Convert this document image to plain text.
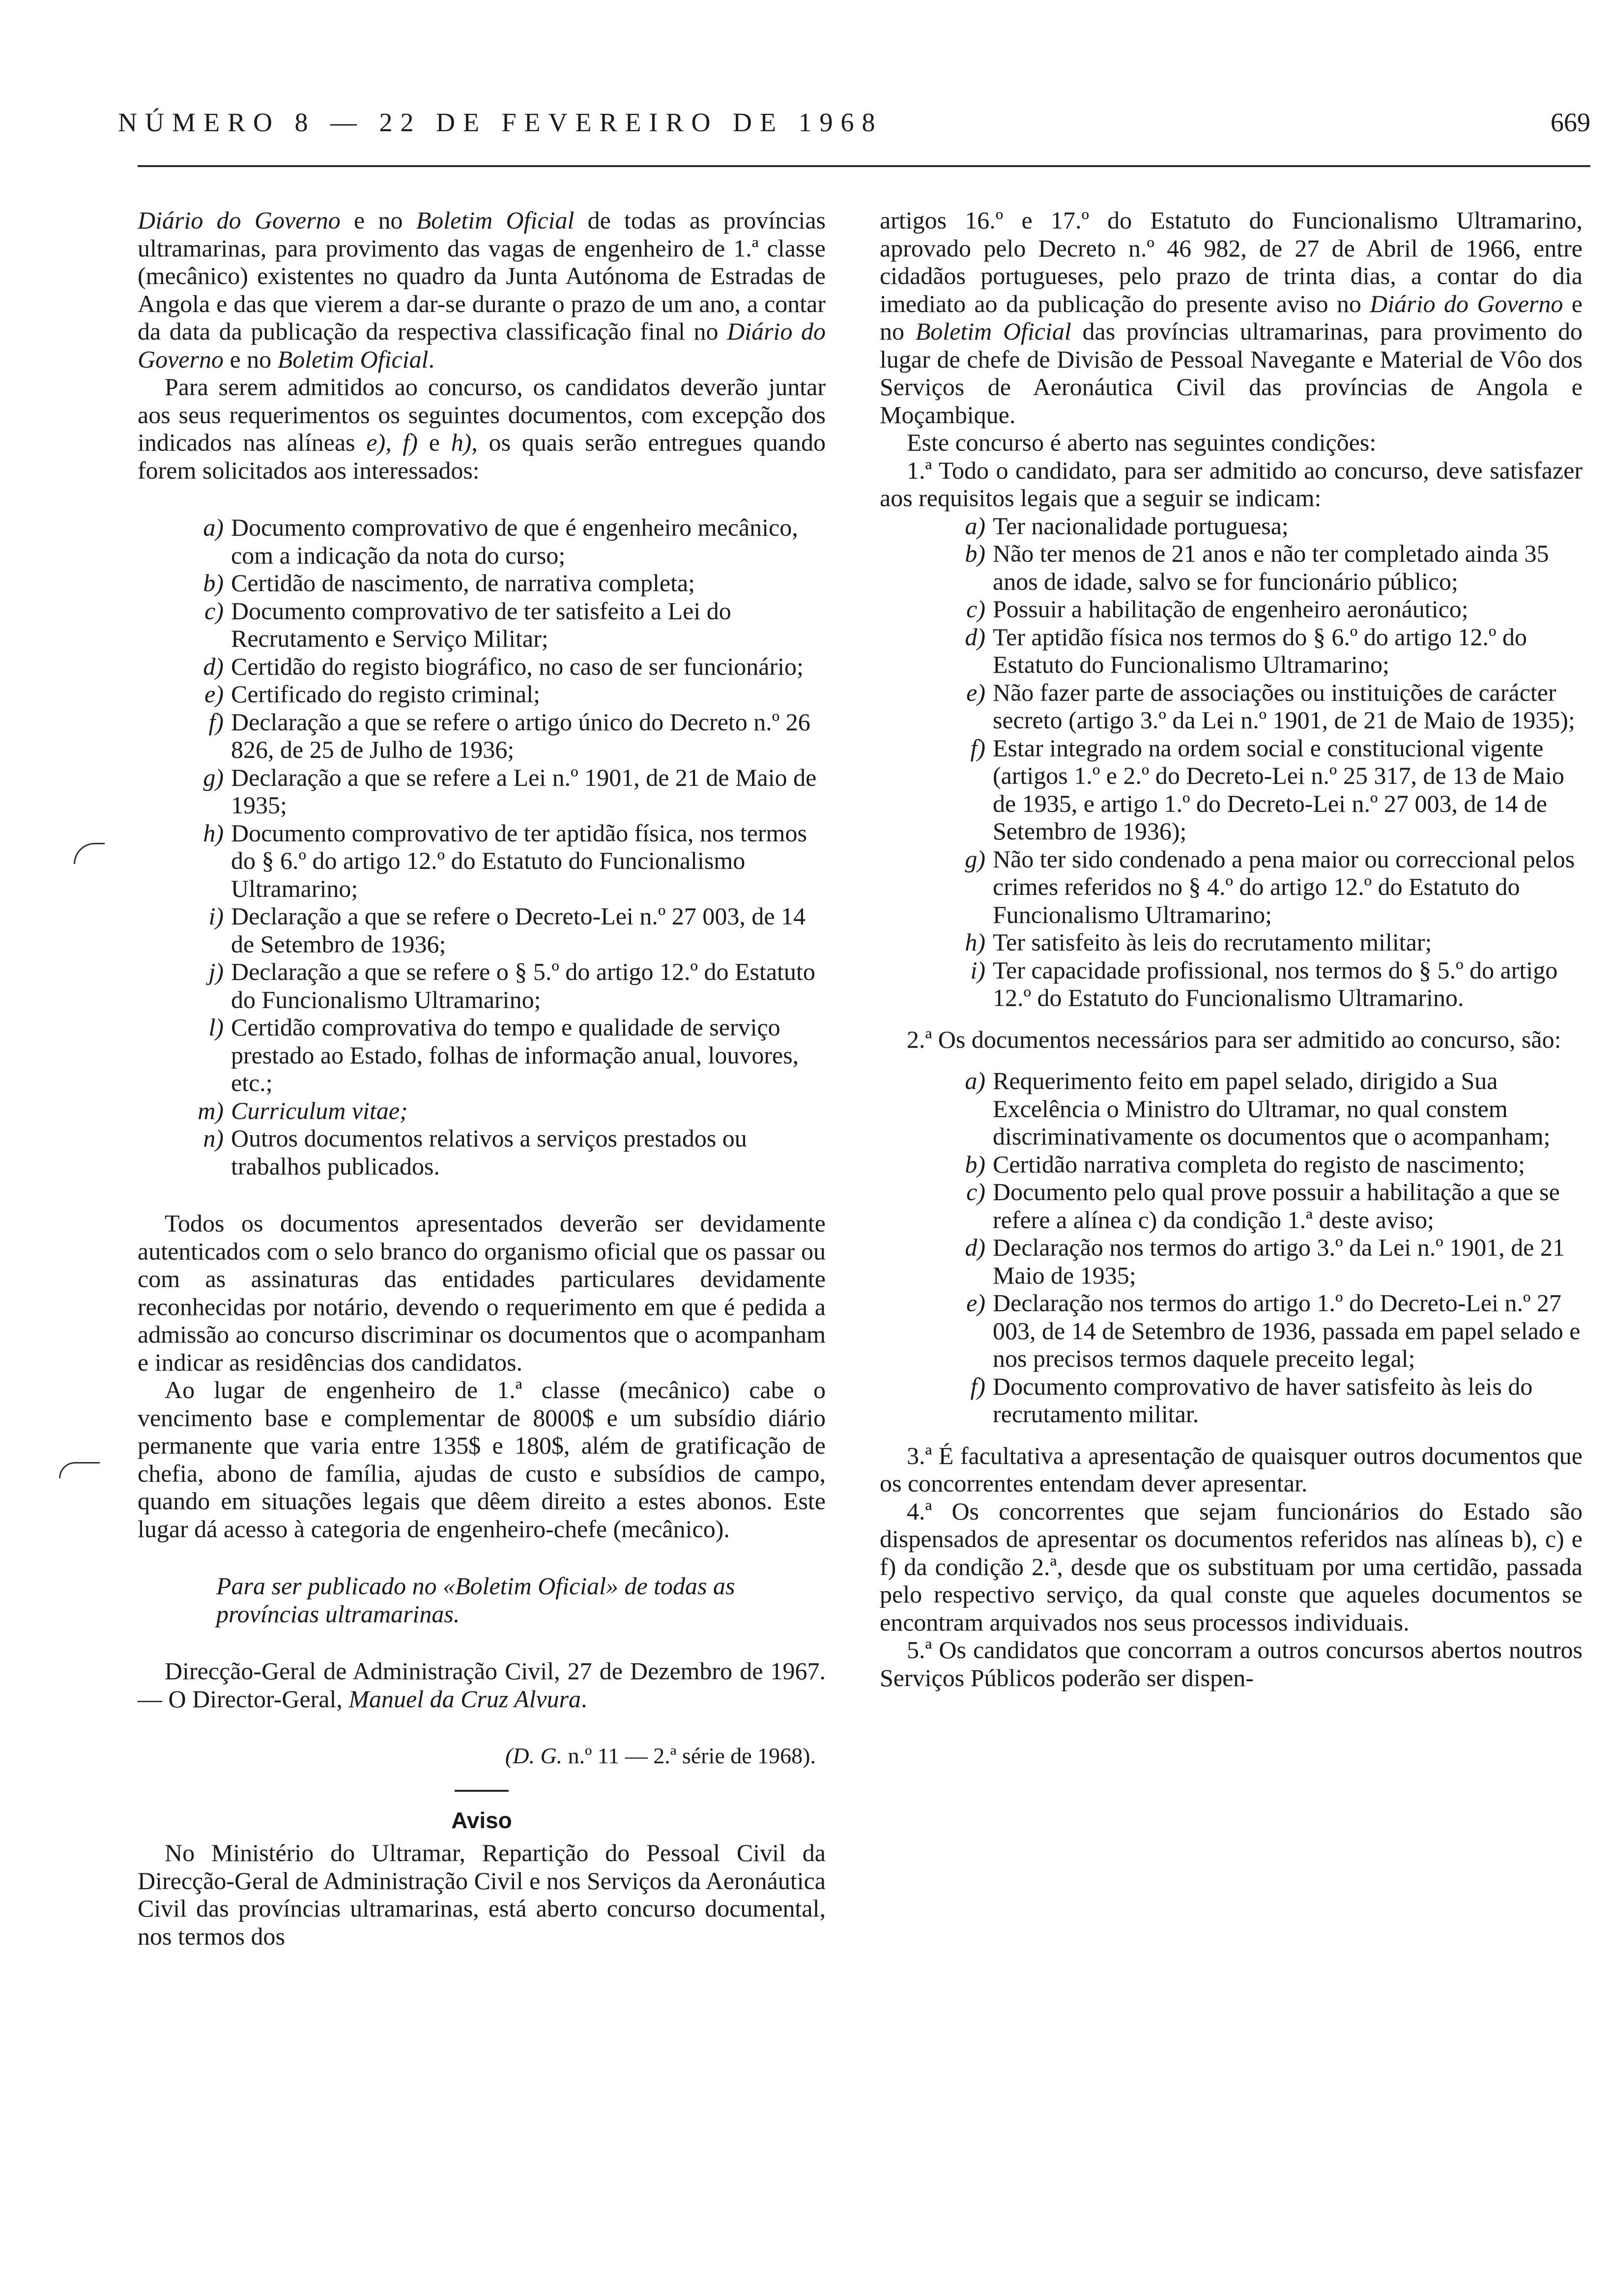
NÚMERO 8 — 22 DE FEVEREIRO DE 1968	669

Diário do Governo e no Boletim Oficial de todas as províncias ultramarinas, para provimento das vagas de engenheiro de 1.ª classe (mecânico) existentes no quadro da Junta Autónoma de Estradas de Angola e das que vierem a dar-se durante o prazo de um ano, a contar da data da publicação da respectiva classificação final no Diário do Governo e no Boletim Oficial.

Para serem admitidos ao concurso, os candidatos deverão juntar aos seus requerimentos os seguintes documentos, com excepção dos indicados nas alíneas e), f) e h), os quais serão entregues quando forem solicitados aos interessados:

a) Documento comprovativo de que é engenheiro mecânico, com a indicação da nota do curso;
b) Certidão de nascimento, de narrativa completa;
c) Documento comprovativo de ter satisfeito a Lei do Recrutamento e Serviço Militar;
d) Certidão do registo biográfico, no caso de ser funcionário;
e) Certificado do registo criminal;
f) Declaração a que se refere o artigo único do Decreto n.º 26 826, de 25 de Julho de 1936;
g) Declaração a que se refere a Lei n.º 1901, de 21 de Maio de 1935;
h) Documento comprovativo de ter aptidão física, nos termos do § 6.º do artigo 12.º do Estatuto do Funcionalismo Ultramarino;
i) Declaração a que se refere o Decreto-Lei n.º 27 003, de 14 de Setembro de 1936;
j) Declaração a que se refere o § 5.º do artigo 12.º do Estatuto do Funcionalismo Ultramarino;
l) Certidão comprovativa do tempo e qualidade de serviço prestado ao Estado, folhas de informação anual, louvores, etc.;
m) Curriculum vitae;
n) Outros documentos relativos a serviços prestados ou trabalhos publicados.

Todos os documentos apresentados deverão ser devidamente autenticados com o selo branco do organismo oficial que os passar ou com as assinaturas das entidades particulares devidamente reconhecidas por notário, devendo o requerimento em que é pedida a admissão ao concurso discriminar os documentos que o acompanham e indicar as residências dos candidatos.

Ao lugar de engenheiro de 1.ª classe (mecânico) cabe o vencimento base e complementar de 8000$ e um subsídio diário permanente que varia entre 135$ e 180$, além de gratificação de chefia, abono de família, ajudas de custo e subsídios de campo, quando em situações legais que dêem direito a estes abonos. Este lugar dá acesso à categoria de engenheiro-chefe (mecânico).

Para ser publicado no «Boletim Oficial» de todas as províncias ultramarinas.

Direcção-Geral de Administração Civil, 27 de Dezembro de 1967. — O Director-Geral, Manuel da Cruz Alvura.

(D. G. n.º 11 — 2.ª série de 1968).

Aviso

No Ministério do Ultramar, Repartição do Pessoal Civil da Direcção-Geral de Administração Civil e nos Serviços da Aeronáutica Civil das províncias ultramarinas, está aberto concurso documental, nos termos dos

artigos 16.º e 17.º do Estatuto do Funcionalismo Ultramarino, aprovado pelo Decreto n.º 46 982, de 27 de Abril de 1966, entre cidadãos portugueses, pelo prazo de trinta dias, a contar do dia imediato ao da publicação do presente aviso no Diário do Governo e no Boletim Oficial das províncias ultramarinas, para provimento do lugar de chefe de Divisão de Pessoal Navegante e Material de Vôo dos Serviços de Aeronáutica Civil das províncias de Angola e Moçambique.

Este concurso é aberto nas seguintes condições:

1.ª Todo o candidato, para ser admitido ao concurso, deve satisfazer aos requisitos legais que a seguir se indicam:

a) Ter nacionalidade portuguesa;
b) Não ter menos de 21 anos e não ter completado ainda 35 anos de idade, salvo se for funcionário público;
c) Possuir a habilitação de engenheiro aeronáutico;
d) Ter aptidão física nos termos do § 6.º do artigo 12.º do Estatuto do Funcionalismo Ultramarino;
e) Não fazer parte de associações ou instituições de carácter secreto (artigo 3.º da Lei n.º 1901, de 21 de Maio de 1935);
f) Estar integrado na ordem social e constitucional vigente (artigos 1.º e 2.º do Decreto-Lei n.º 25 317, de 13 de Maio de 1935, e artigo 1.º do Decreto-Lei n.º 27 003, de 14 de Setembro de 1936);
g) Não ter sido condenado a pena maior ou correccional pelos crimes referidos no § 4.º do artigo 12.º do Estatuto do Funcionalismo Ultramarino;
h) Ter satisfeito às leis do recrutamento militar;
i) Ter capacidade profissional, nos termos do § 5.º do artigo 12.º do Estatuto do Funcionalismo Ultramarino.

2.ª Os documentos necessários para ser admitido ao concurso, são:

a) Requerimento feito em papel selado, dirigido a Sua Excelência o Ministro do Ultramar, no qual constem discriminativamente os documentos que o acompanham;
b) Certidão narrativa completa do registo de nascimento;
c) Documento pelo qual prove possuir a habilitação a que se refere a alínea c) da condição 1.ª deste aviso;
d) Declaração nos termos do artigo 3.º da Lei n.º 1901, de 21 Maio de 1935;
e) Declaração nos termos do artigo 1.º do Decreto-Lei n.º 27 003, de 14 de Setembro de 1936, passada em papel selado e nos precisos termos daquele preceito legal;
f) Documento comprovativo de haver satisfeito às leis do recrutamento militar.

3.ª É facultativa a apresentação de quaisquer outros documentos que os concorrentes entendam dever apresentar.

4.ª Os concorrentes que sejam funcionários do Estado são dispensados de apresentar os documentos referidos nas alíneas b), c) e f) da condição 2.ª, desde que os substituam por uma certidão, passada pelo respectivo serviço, da qual conste que aqueles documentos se encontram arquivados nos seus processos individuais.

5.ª Os candidatos que concorram a outros concursos abertos noutros Serviços Públicos poderão ser dispen-
